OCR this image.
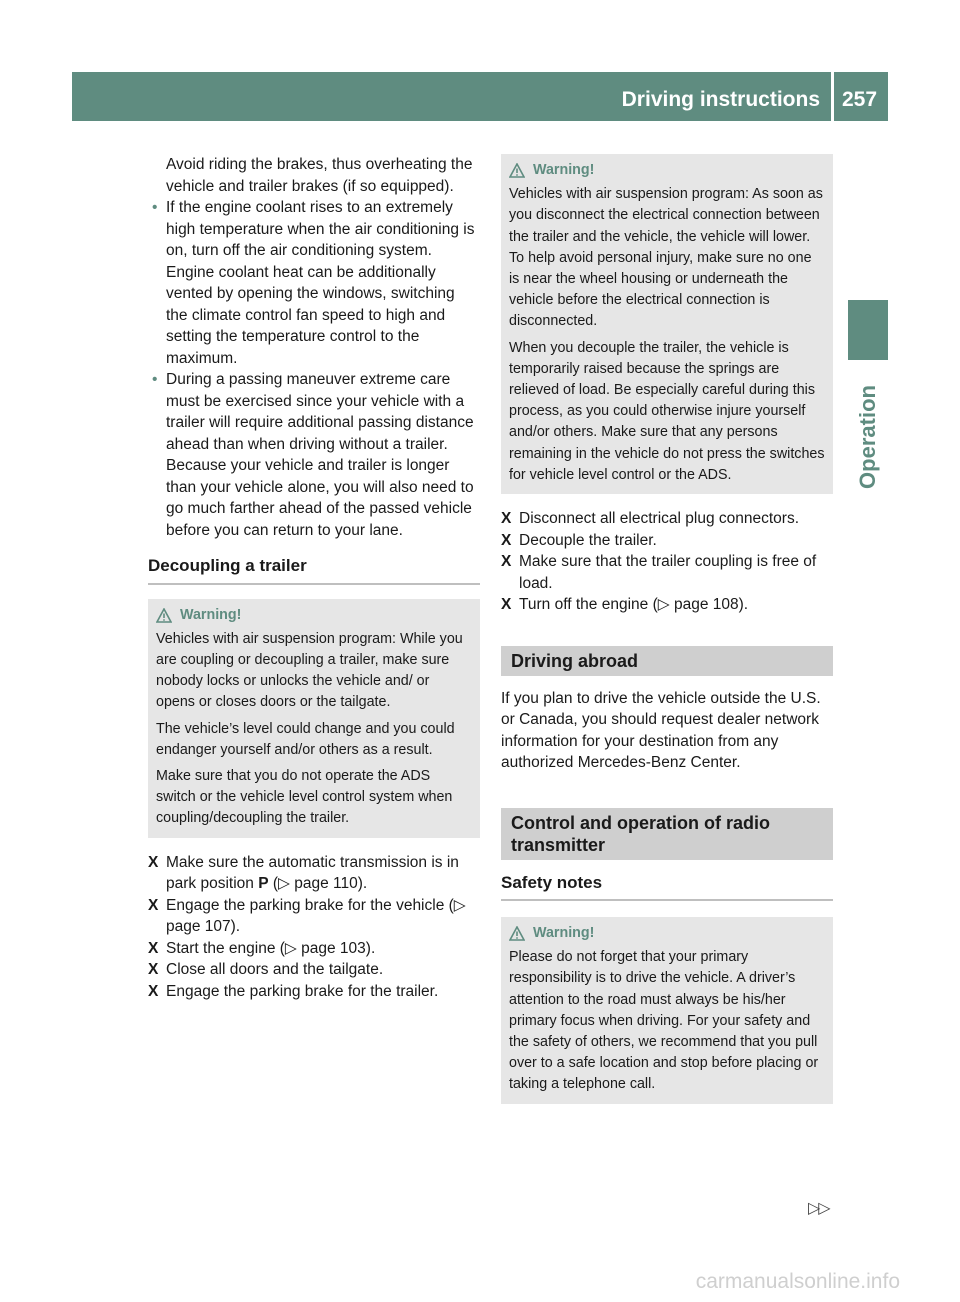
Driving instructions 257
Operation

Avoid riding the brakes, thus overheating the vehicle and trailer brakes (if so equipped).

• If the engine coolant rises to an extremely high temperature when the air conditioning is on, turn off the air conditioning system.

Engine coolant heat can be additionally vented by opening the windows, switching the climate control fan speed to high and setting the temperature control to the maximum.

• During a passing maneuver extreme care must be exercised since your vehicle with a trailer will require additional passing distance ahead than when driving without a trailer.

Because your vehicle and trailer is longer than your vehicle alone, you will also need to go much farther ahead of the passed vehicle before you can return to your lane.

Decoupling a trailer
Warning!

Vehicles with air suspension program: While you are coupling or decoupling a trailer, make sure nobody locks or unlocks the vehicle and/ or opens or closes doors or the tailgate.

The vehicle’s level could change and you could endanger yourself and/or others as a result.

Make sure that you do not operate the ADS switch or the vehicle level control system when coupling/decoupling the trailer.

X Make sure the automatic transmission is in park position P (▷ page 110).

X Engage the parking brake for the vehicle (▷ page 107).

X Start the engine (▷ page 103).

X Close all doors and the tailgate.

X Engage the parking brake for the trailer.

Warning!

Vehicles with air suspension program: As soon as you disconnect the electrical connection between the trailer and the vehicle, the vehicle will lower. To help avoid personal injury, make sure no one is near the wheel housing or underneath the vehicle before the electrical connection is disconnected.

When you decouple the trailer, the vehicle is temporarily raised because the springs are relieved of load. Be especially careful during this process, as you could otherwise injure yourself and/or others. Make sure that any persons remaining in the vehicle do not press the switches for vehicle level control or the ADS.

X Disconnect all electrical plug connectors.

X Decouple the trailer.

X Make sure that the trailer coupling is free of load.

X Turn off the engine (▷ page 108).

Driving abroad

If you plan to drive the vehicle outside the U.S. or Canada, you should request dealer network information for your destination from any authorized Mercedes-Benz Center.

Control and operation of radio transmitter
Safety notes
Warning!

Please do not forget that your primary responsibility is to drive the vehicle. A driver’s attention to the road must always be his/her primary focus when driving. For your safety and the safety of others, we recommend that you pull over to a safe location and stop before placing or taking a telephone call.

▷▷
carmanualsonline.info
